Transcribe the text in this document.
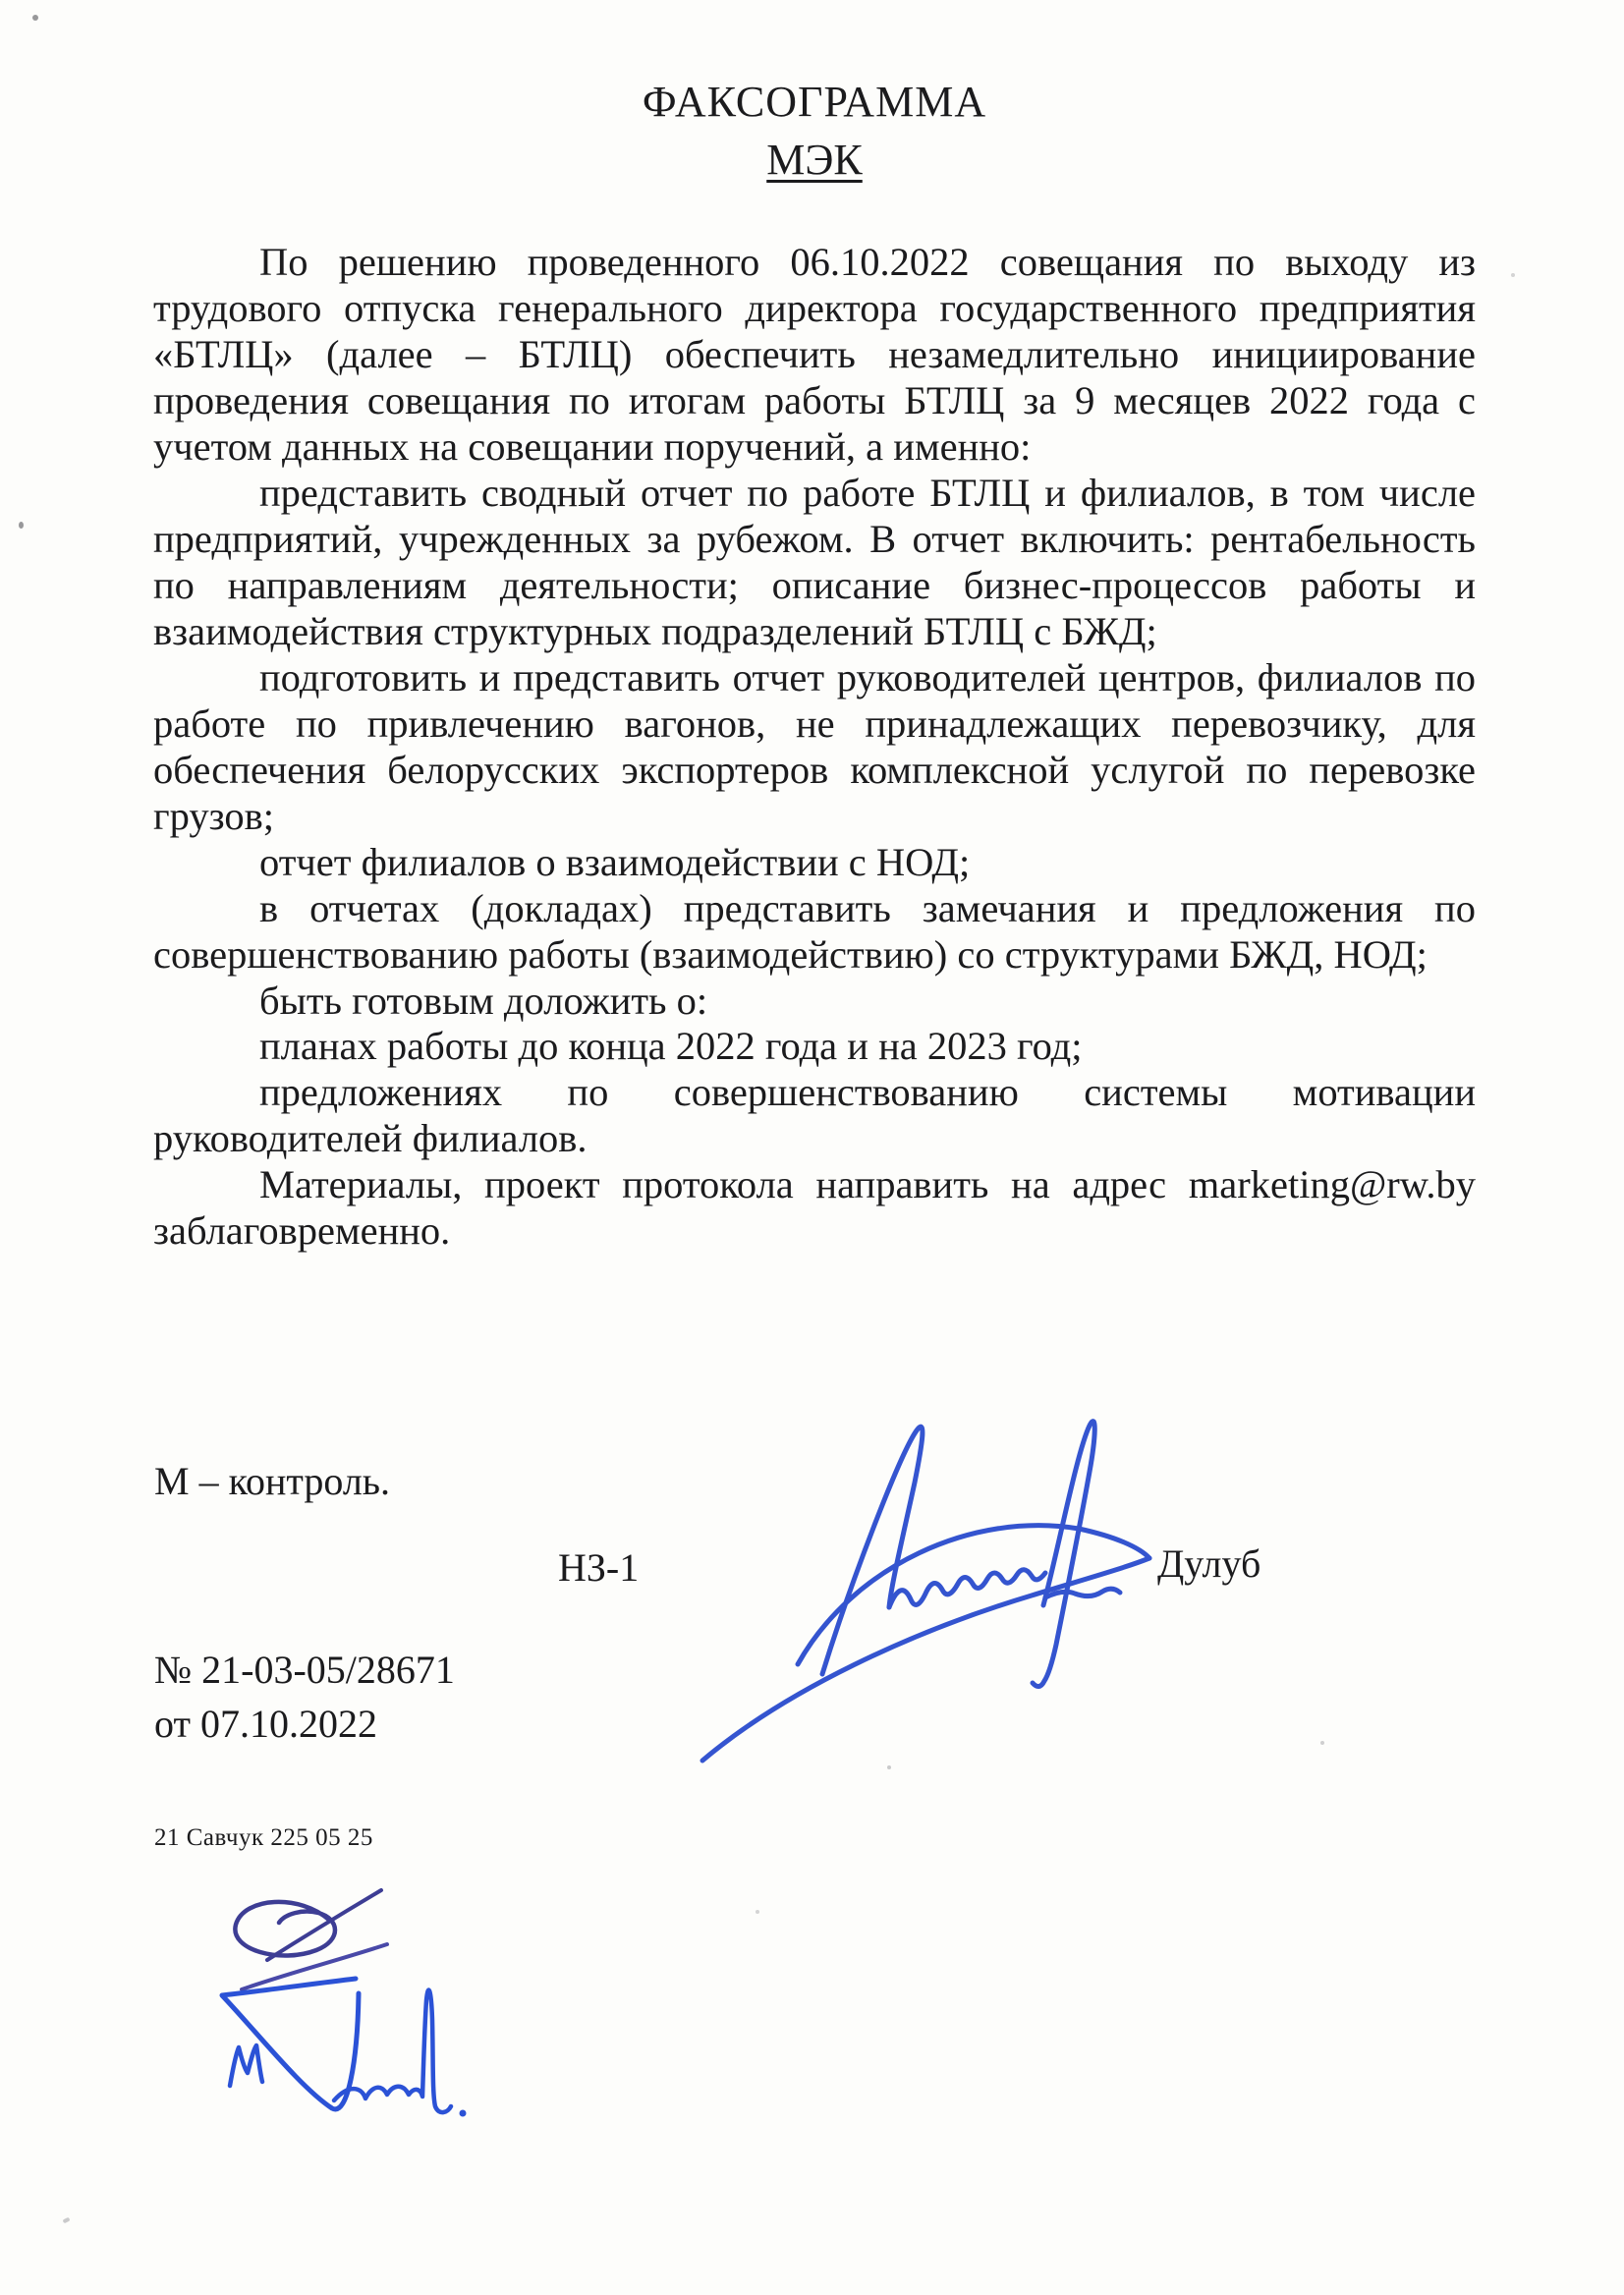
ФАКСОГРАММА
МЭК

По решению проведенного 06.10.2022 совещания по выходу из трудового отпуска генерального директора государственного предприятия «БТЛЦ» (далее – БТЛЦ) обеспечить незамедлительно инициирование проведения совещания по итогам работы БТЛЦ за 9 месяцев 2022 года с учетом данных на совещании поручений, а именно:

представить сводный отчет по работе БТЛЦ и филиалов, в том числе предприятий, учрежденных за рубежом. В отчет включить: рентабельность по направлениям деятельности; описание бизнес-процессов работы и взаимодействия структурных подразделений БТЛЦ с БЖД;

подготовить и представить отчет руководителей центров, филиалов по работе по привлечению вагонов, не принадлежащих перевозчику, для обеспечения белорусских экспортеров комплексной услугой по перевозке грузов;

отчет филиалов о взаимодействии с НОД;

в отчетах (докладах) представить замечания и предложения по совершенствованию работы (взаимодействию) со структурами БЖД, НОД;

быть готовым доложить о:

планах работы до конца 2022 года и на 2023 год;

предложениях по совершенствованию системы мотивации руководителей филиалов.

Материалы, проект протокола направить на адрес marketing@rw.by заблаговременно.

М – контроль.
НЗ-1	Дулуб
№ 21-03-05/28671
от 07.10.2022
21 Савчук 225 05 25
